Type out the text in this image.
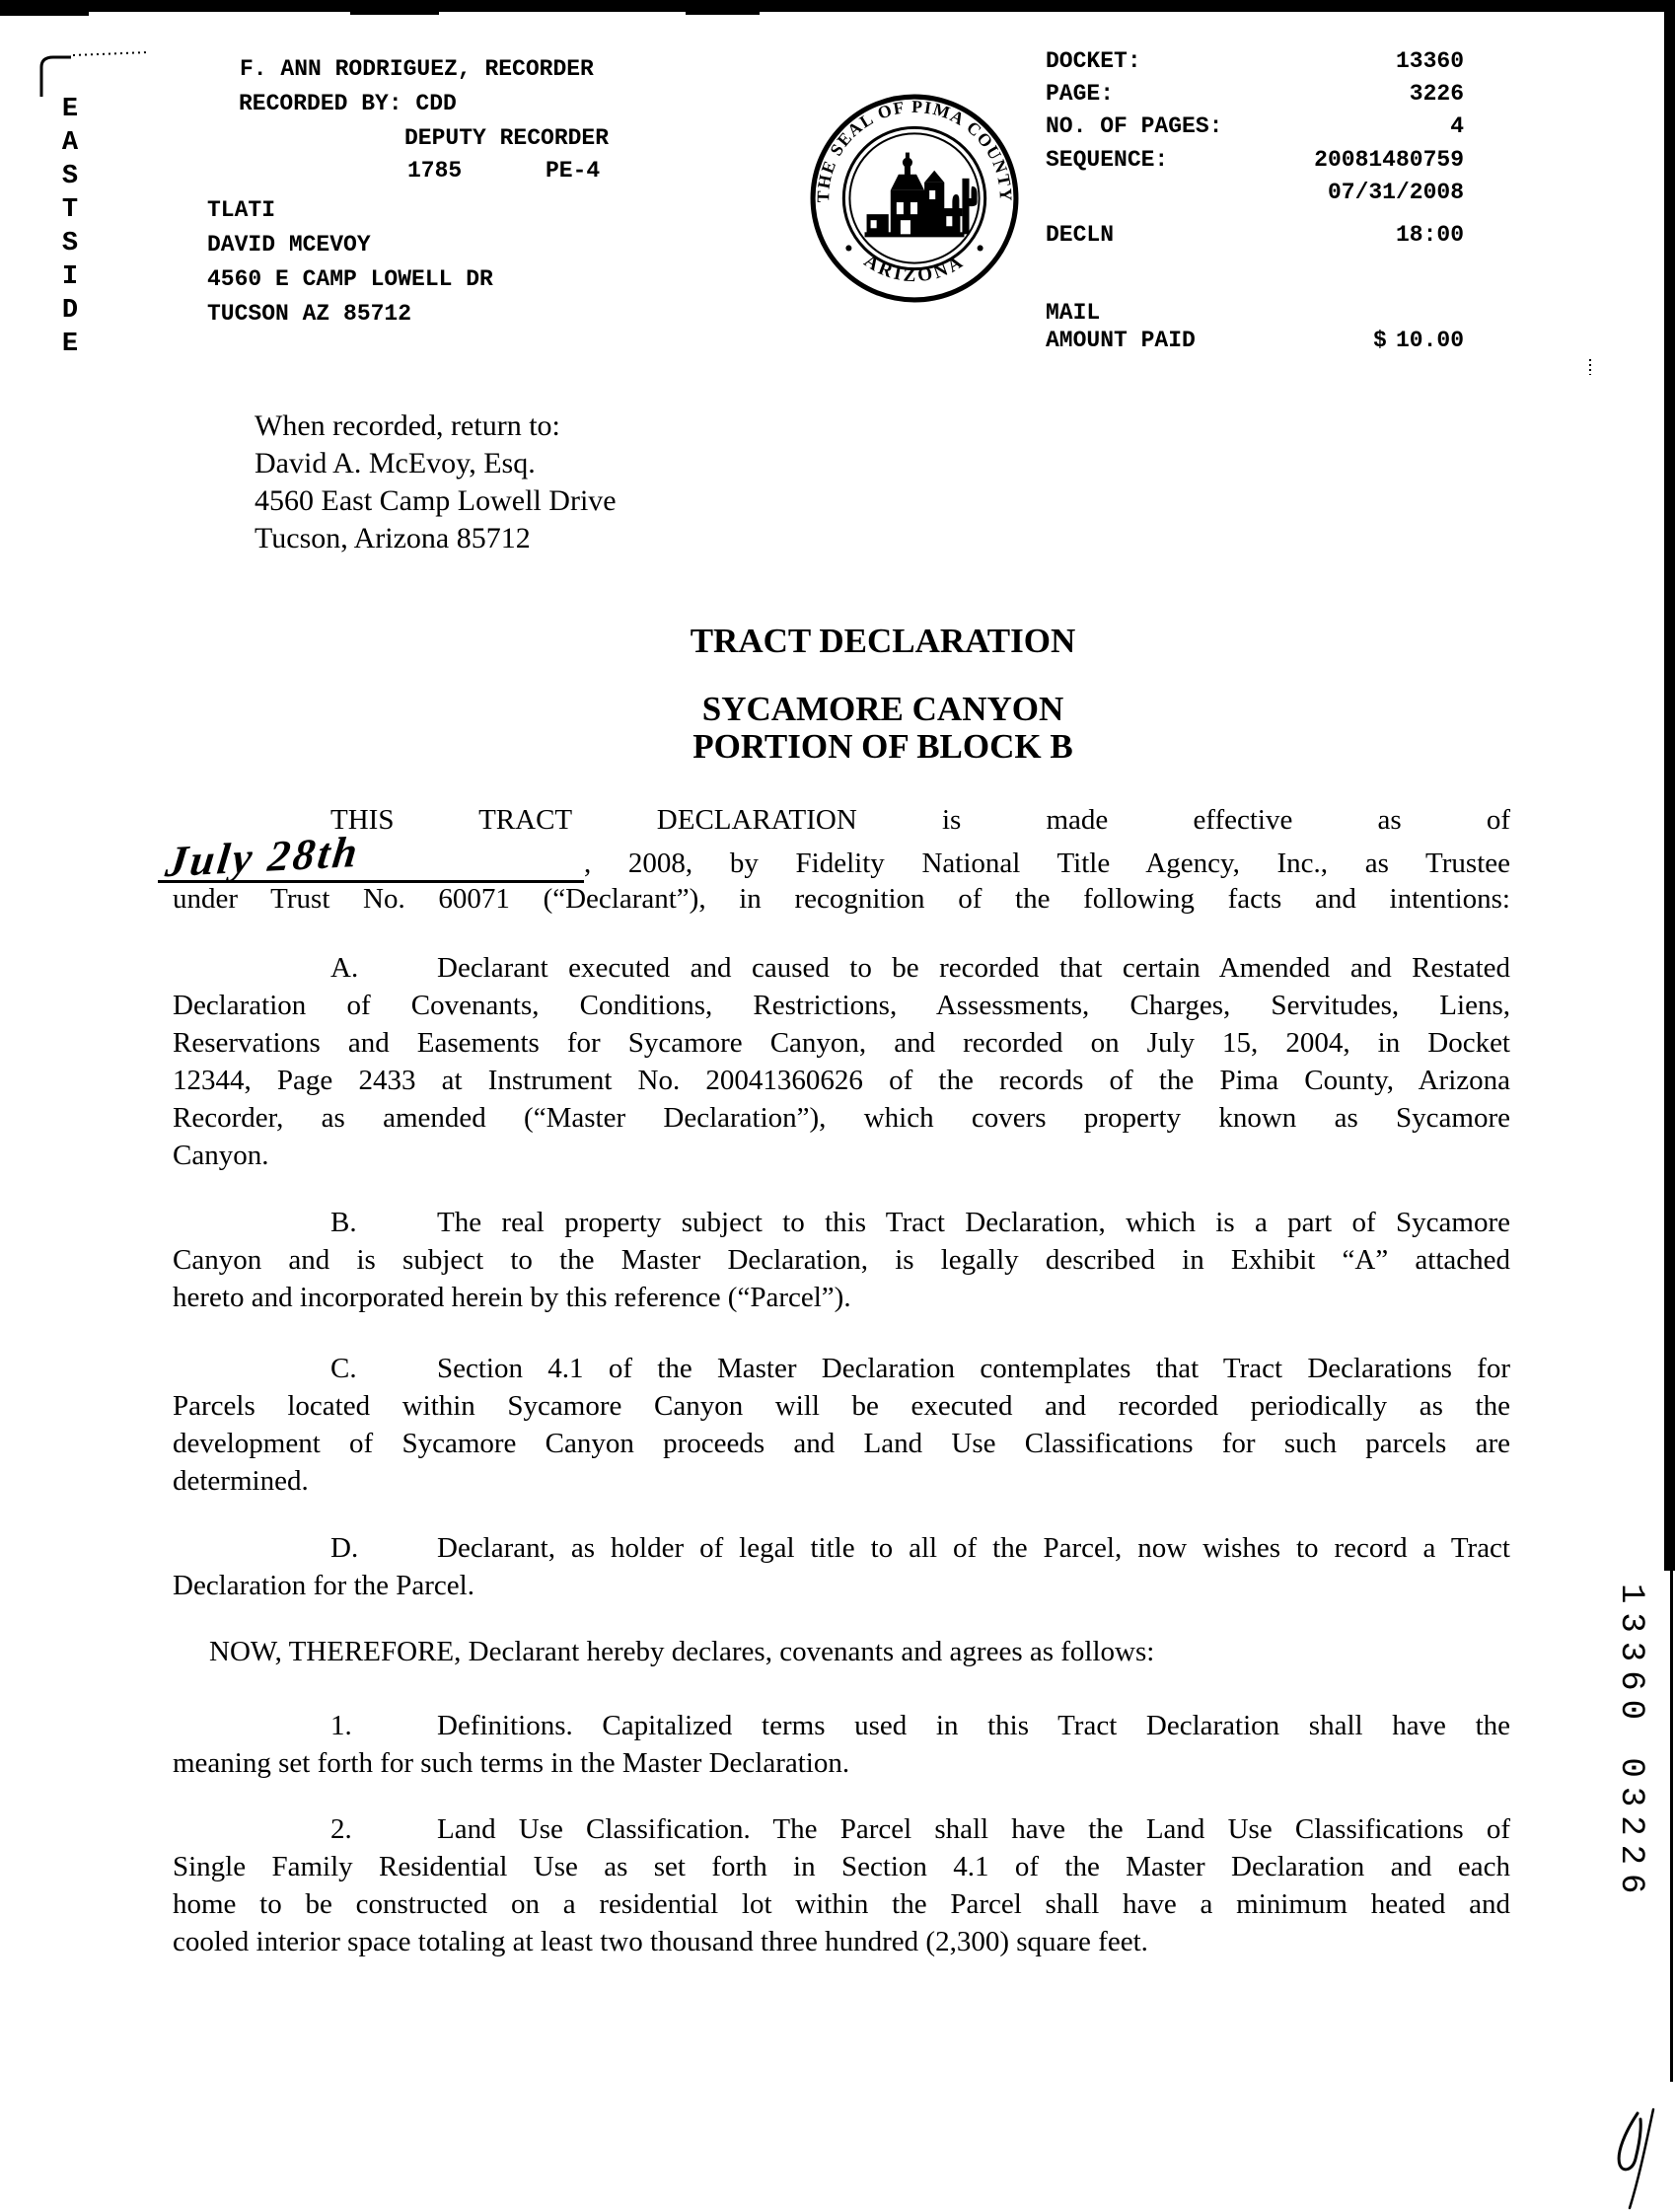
E
A
S
T
S
I
D
E
F. ANN RODRIGUEZ, RECORDER
RECORDED BY: CDD
DEPUTY RECORDER
1785	PE-4
TLATI
DAVID MCEVOY
4560 E CAMP LOWELL DR
TUCSON AZ 85712
DOCKET:	13360
PAGE:	3226
NO. OF PAGES:	4
SEQUENCE:	20081480759
07/31/2008
DECLN	18:00
MAIL
AMOUNT PAID	$ 10.00
THE SEAL OF PIMA COUNTY
ARIZONA
When recorded, return to:
David A. McEvoy, Esq.
4560 East Camp Lowell Drive
Tucson, Arizona 85712
TRACT DECLARATION
SYCAMORE CANYON
PORTION OF BLOCK B
THIS TRACT DECLARATION is made effective as of
July 28th	, 2008, by Fidelity National Title Agency, Inc., as Trustee
under Trust No. 60071 (“Declarant”), in recognition of the following facts and intentions:
A.	Declarant executed and caused to be recorded that certain Amended and Restated
Declaration of Covenants, Conditions, Restrictions, Assessments, Charges, Servitudes, Liens,
Reservations and Easements for Sycamore Canyon, and recorded on July 15, 2004, in Docket
12344, Page 2433 at Instrument No. 20041360626 of the records of the Pima County, Arizona
Recorder, as amended (“Master Declaration”), which covers property known as Sycamore
Canyon.
B.	The real property subject to this Tract Declaration, which is a part of Sycamore
Canyon and is subject to the Master Declaration, is legally described in Exhibit “A” attached
hereto and incorporated herein by this reference (“Parcel”).
C.	Section 4.1 of the Master Declaration contemplates that Tract Declarations for
Parcels located within Sycamore Canyon will be executed and recorded periodically as the
development of Sycamore Canyon proceeds and Land Use Classifications for such parcels are
determined.
D.	Declarant, as holder of legal title to all of the Parcel, now wishes to record a Tract
Declaration for the Parcel.
NOW, THEREFORE, Declarant hereby declares, covenants and agrees as follows:
1.	Definitions. Capitalized terms used in this Tract Declaration shall have the
meaning set forth for such terms in the Master Declaration.
2.	Land Use Classification. The Parcel shall have the Land Use Classifications of
Single Family Residential Use as set forth in Section 4.1 of the Master Declaration and each
home to be constructed on a residential lot within the Parcel shall have a minimum heated and
cooled interior space totaling at least two thousand three hundred (2,300) square feet.
13360 03226
